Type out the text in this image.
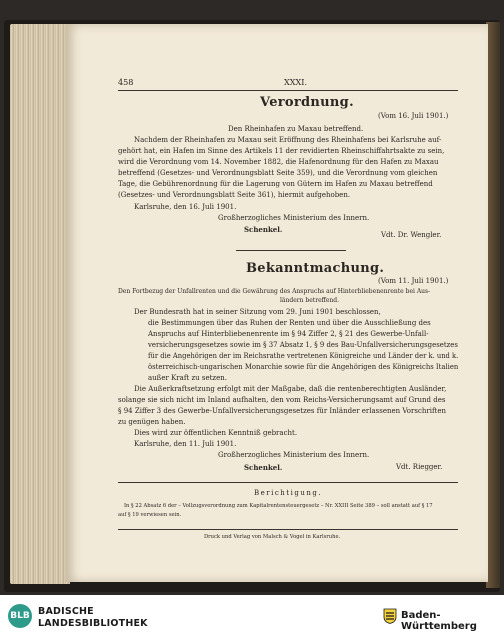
458	XXXI.
Verordnung.
(Vom 16. Juli 1901.)
Den Rheinhafen zu Maxau betreffend.
Nachdem der Rheinhafen zu Maxau seit Eröffnung des Rheinhafens bei Karlsruhe auf-
gehört hat, ein Hafen im Sinne des Artikels 11 der revidierten Rheinschiffahrtsakte zu sein,
wird die Verordnung vom 14. November 1882, die Hafenordnung für den Hafen zu Maxau
betreffend (Gesetzes- und Verordnungsblatt Seite 359), und die Verordnung vom gleichen
Tage, die Gebührenordnung für die Lagerung von Gütern im Hafen zu Maxau betreffend
(Gesetzes- und Verordnungsblatt Seite 361), hiermit aufgehoben.
Karlsruhe, den 16. Juli 1901.
Großherzogliches Ministerium des Innern.
Schenkel.
Vdt. Dr. Wengler.
Bekanntmachung.
(Vom 11. Juli 1901.)
Den Fortbezug der Unfallrenten und die Gewährung des Anspruchs auf Hinterbliebenenrente bei Aus-
ländern betreffend.
Der Bundesrath hat in seiner Sitzung vom 29. Juni 1901 beschlossen,
die Bestimmungen über das Ruhen der Renten und über die Ausschließung des
Anspruchs auf Hinterbliebenenrente im § 94 Ziffer 2, § 21 des Gewerbe-Unfall-
versicherungsgesetzes sowie im § 37 Absatz 1, § 9 des Bau-Unfallversicherungsgesetzes
für die Angehörigen der im Reichsrathe vertretenen Königreiche und Länder der k. und k.
österreichisch-ungarischen Monarchie sowie für die Angehörigen des Königreichs Italien
außer Kraft zu setzen.
Die Außerkraftsetzung erfolgt mit der Maßgabe, daß die rentenberechtigten Ausländer,
solange sie sich nicht im Inland aufhalten, den vom Reichs-Versicherungsamt auf Grund des
§ 94 Ziffer 3 des Gewerbe-Unfallversicherungsgesetzes für Inländer erlassenen Vorschriften
zu genügen haben.
Dies wird zur öffentlichen Kenntniß gebracht.
Karlsruhe, den 11. Juli 1901.
Großherzogliches Ministerium des Innern.
Schenkel.	Vdt. Riegger.
Berichtigung.
In § 22 Absatz 6 der – Vollzugsverordnung zum Kapitalrentensteuergesetz – Nr. XXIII Seite 389 – soll anstatt auf § 17
auf § 19 verwiesen sein.
Druck und Verlag von Malsch & Vogel in Karlsruhe.
BLB BADISCHE
LANDESBIBLIOTHEK
Baden-Württemberg
